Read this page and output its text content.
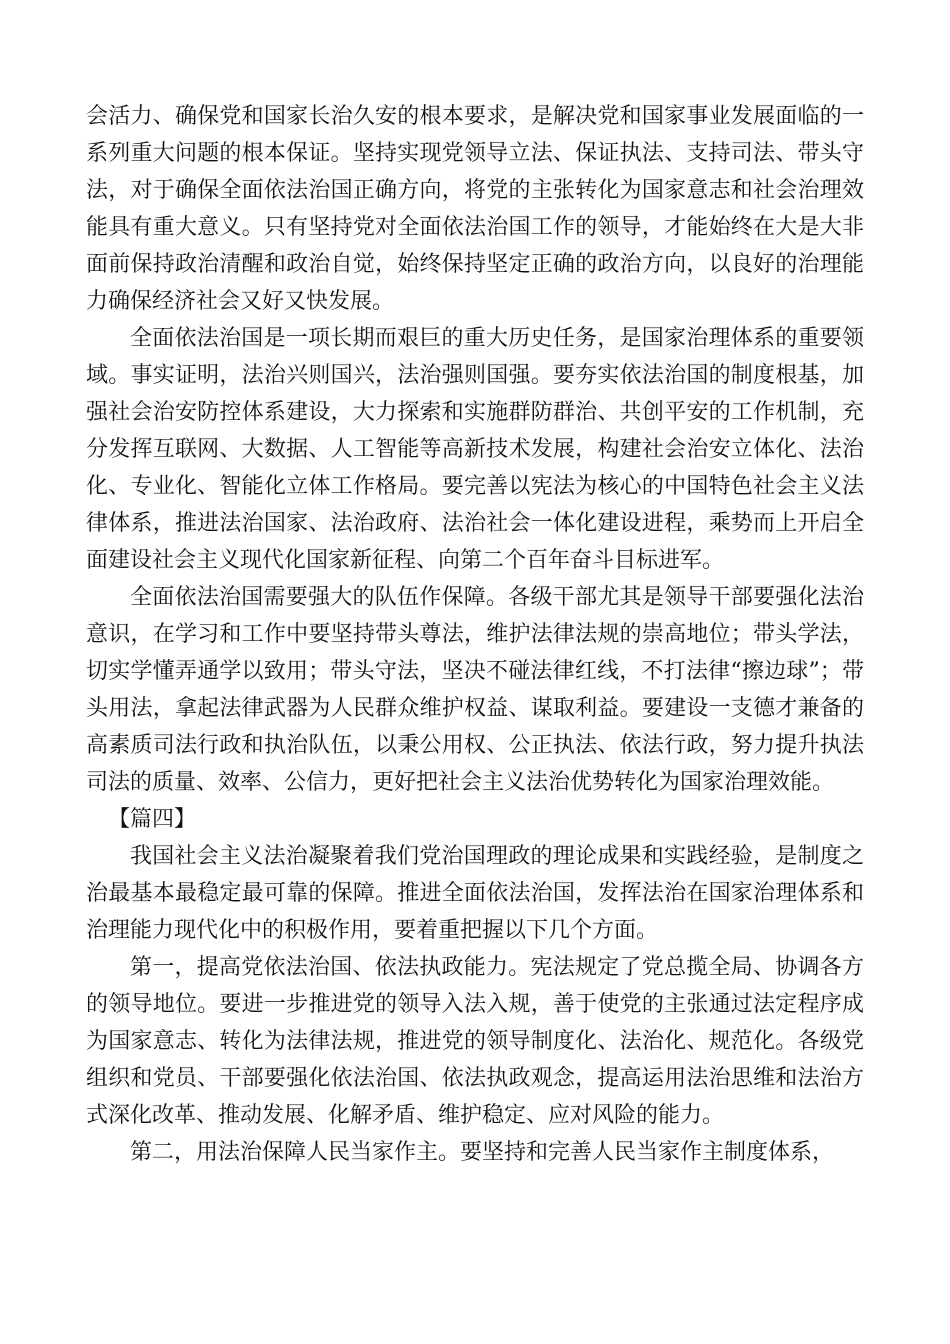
会活力、确保党和国家长治久安的根本要求，是解决党和国家事业发展面临的一系列重大问题的根本保证。坚持实现党领导立法、保证执法、支持司法、带头守法，对于确保全面依法治国正确方向，将党的主张转化为国家意志和社会治理效能具有重大意义。只有坚持党对全面依法治国工作的领导，才能始终在大是大非面前保持政治清醒和政治自觉，始终保持坚定正确的政治方向，以良好的治理能力确保经济社会又好又快发展。

全面依法治国是一项长期而艰巨的重大历史任务，是国家治理体系的重要领域。事实证明，法治兴则国兴，法治强则国强。要夯实依法治国的制度根基，加强社会治安防控体系建设，大力探索和实施群防群治、共创平安的工作机制，充分发挥互联网、大数据、人工智能等高新技术发展，构建社会治安立体化、法治化、专业化、智能化立体工作格局。要完善以宪法为核心的中国特色社会主义法律体系，推进法治国家、法治政府、法治社会一体化建设进程，乘势而上开启全面建设社会主义现代化国家新征程、向第二个百年奋斗目标进军。

全面依法治国需要强大的队伍作保障。各级干部尤其是领导干部要强化法治意识，在学习和工作中要坚持带头尊法，维护法律法规的崇高地位；带头学法，切实学懂弄通学以致用；带头守法，坚决不碰法律红线，不打法律“擦边球”；带头用法，拿起法律武器为人民群众维护权益、谋取利益。要建设一支德才兼备的高素质司法行政和执治队伍，以秉公用权、公正执法、依法行政，努力提升执法司法的质量、效率、公信力，更好把社会主义法治优势转化为国家治理效能。

【篇四】

我国社会主义法治凝聚着我们党治国理政的理论成果和实践经验，是制度之治最基本最稳定最可靠的保障。推进全面依法治国，发挥法治在国家治理体系和治理能力现代化中的积极作用，要着重把握以下几个方面。

第一，提高党依法治国、依法执政能力。宪法规定了党总揽全局、协调各方的领导地位。要进一步推进党的领导入法入规，善于使党的主张通过法定程序成为国家意志、转化为法律法规，推进党的领导制度化、法治化、规范化。各级党组织和党员、干部要强化依法治国、依法执政观念，提高运用法治思维和法治方式深化改革、推动发展、化解矛盾、维护稳定、应对风险的能力。

第二，用法治保障人民当家作主。要坚持和完善人民当家作主制度体系，
